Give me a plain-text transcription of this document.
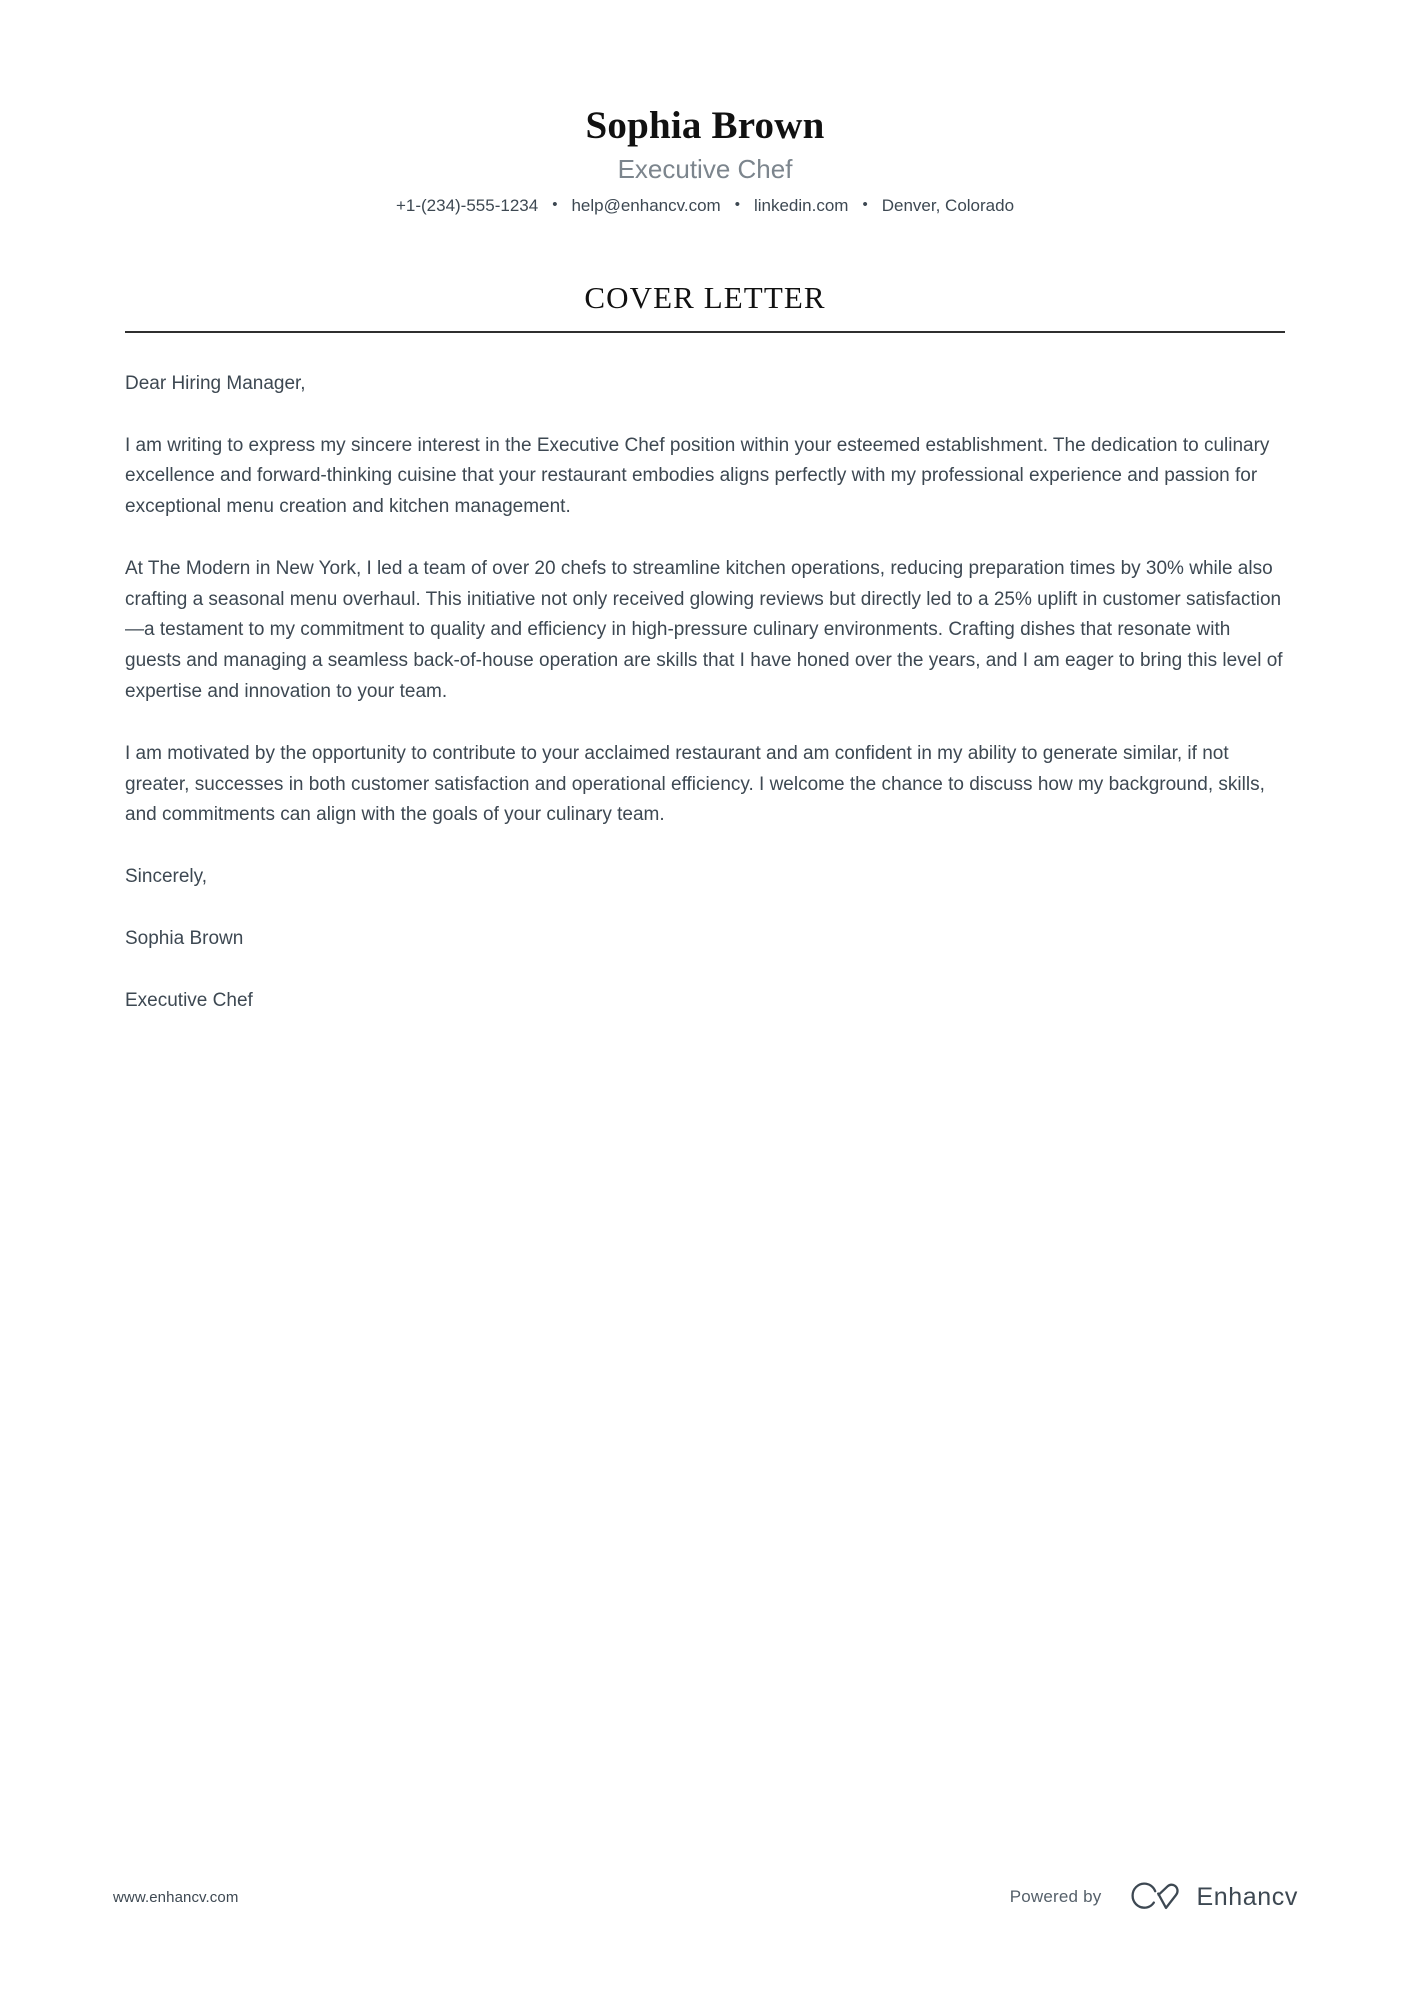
Sophia Brown
Executive Chef
+1-(234)-555-1234 • help@enhancv.com • linkedin.com • Denver, Colorado
COVER LETTER

Dear Hiring Manager,

I am writing to express my sincere interest in the Executive Chef position within your esteemed establishment. The dedication to culinary excellence and forward-thinking cuisine that your restaurant embodies aligns perfectly with my professional experience and passion for exceptional menu creation and kitchen management.

At The Modern in New York, I led a team of over 20 chefs to streamline kitchen operations, reducing preparation times by 30% while also crafting a seasonal menu overhaul. This initiative not only received glowing reviews but directly led to a 25% uplift in customer satisfaction—a testament to my commitment to quality and efficiency in high-pressure culinary environments. Crafting dishes that resonate with guests and managing a seamless back-of-house operation are skills that I have honed over the years, and I am eager to bring this level of expertise and innovation to your team.

I am motivated by the opportunity to contribute to your acclaimed restaurant and am confident in my ability to generate similar, if not greater, successes in both customer satisfaction and operational efficiency. I welcome the chance to discuss how my background, skills, and commitments can align with the goals of your culinary team.

Sincerely,

Sophia Brown

Executive Chef

www.enhancv.com	Powered by	Enhancv
